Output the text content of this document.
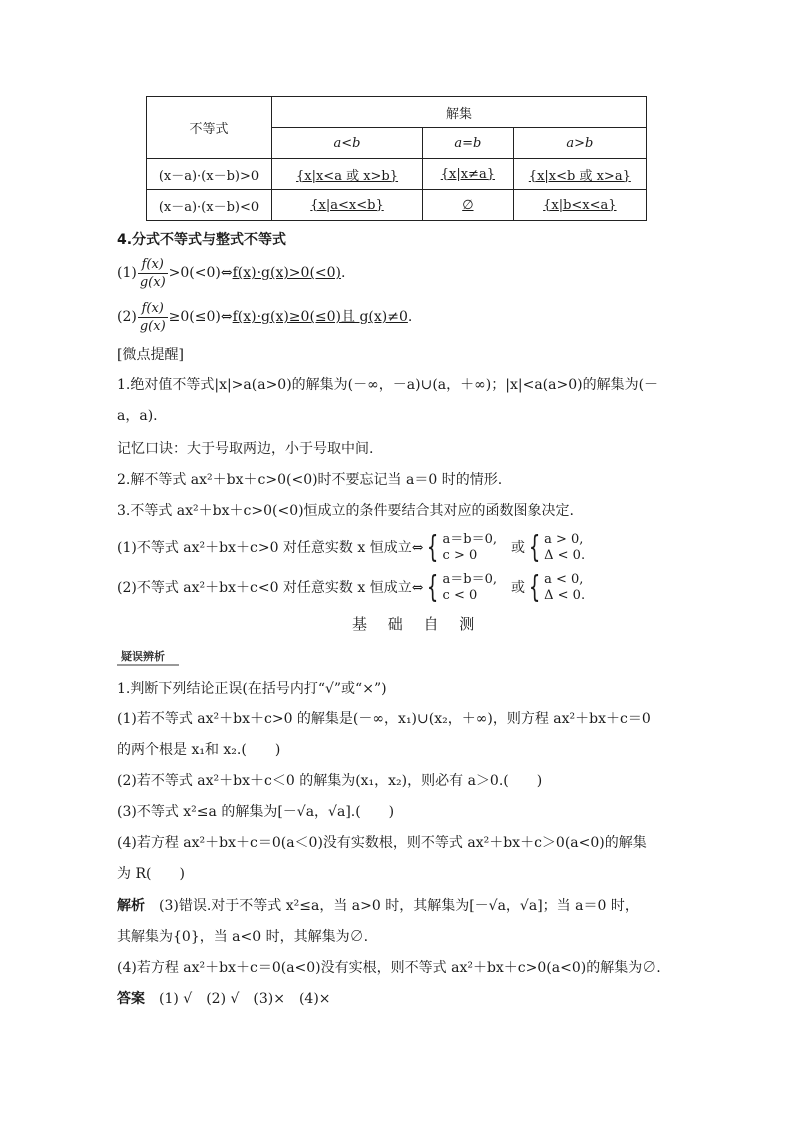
不等式	解集		
	a<b	a=b	a>b
(x－a)·(x－b)>0	{x|x<a 或 x>b}	{x|x≠a}	{x|x<b 或 x>a}
(x－a)·(x－b)<0	{x|a<x<b}	∅	{x|b<x<a}
4.分式不等式与整式不等式
$(1) \frac{f(x)}{g(x)}$ >0(<0)⇔f(x)·g(x)>0(<0).
$(2) \frac{f(x)}{g(x)}$ ≥0(≤0)⇔f(x)·g(x)≥0(≤0)且 g(x)≠0.
[微点提醒]
1.绝对值不等式|x|>a(a>0)的解集为(－∞，－a)∪(a，＋∞)；|x|<a(a>0)的解集为(－
a，a).
记忆口诀：大于号取两边，小于号取中间.
2.解不等式 ax²＋bx＋c>0(<0)时不要忘记当 a＝0 时的情形.
3.不等式 ax²＋bx＋c>0(<0)恒成立的条件要结合其对应的函数图象决定.
(1)不等式 ax²＋bx＋c>0 对任意实数 x 恒成立⇔ { a＝b＝0,
c > 0	或 { a > 0,
Δ < 0.
(2)不等式 ax²＋bx＋c<0 对任意实数 x 恒成立⇔ { a＝b＝0,
c < 0	或 { a < 0,
Δ < 0.
基 础 自 测
疑误辨析
1.判断下列结论正误(在括号内打“√”或“×”)
(1)若不等式 ax²＋bx＋c>0 的解集是(－∞，x₁)∪(x₂，＋∞)，则方程 ax²＋bx＋c＝0
的两个根是 x₁和 x₂.(　　)
(2)若不等式 ax²＋bx＋c＜0 的解集为(x₁，x₂)，则必有 a＞0.(　　)
(3)不等式 x²≤a 的解集为[－√a，√a].(　　)
(4)若方程 ax²＋bx＋c＝0(a＜0)没有实数根，则不等式 ax²＋bx＋c＞0(a<0)的解集
为 R(　　)
解析 (3)错误.对于不等式 x²≤a，当 a>0 时，其解集为[－√a，√a]；当 a＝0 时，
其解集为{0}，当 a<0 时，其解集为∅.
(4)若方程 ax²＋bx＋c＝0(a<0)没有实根，则不等式 ax²＋bx＋c>0(a<0)的解集为∅.
答案 (1) √　(2) √　(3)×　(4)×
